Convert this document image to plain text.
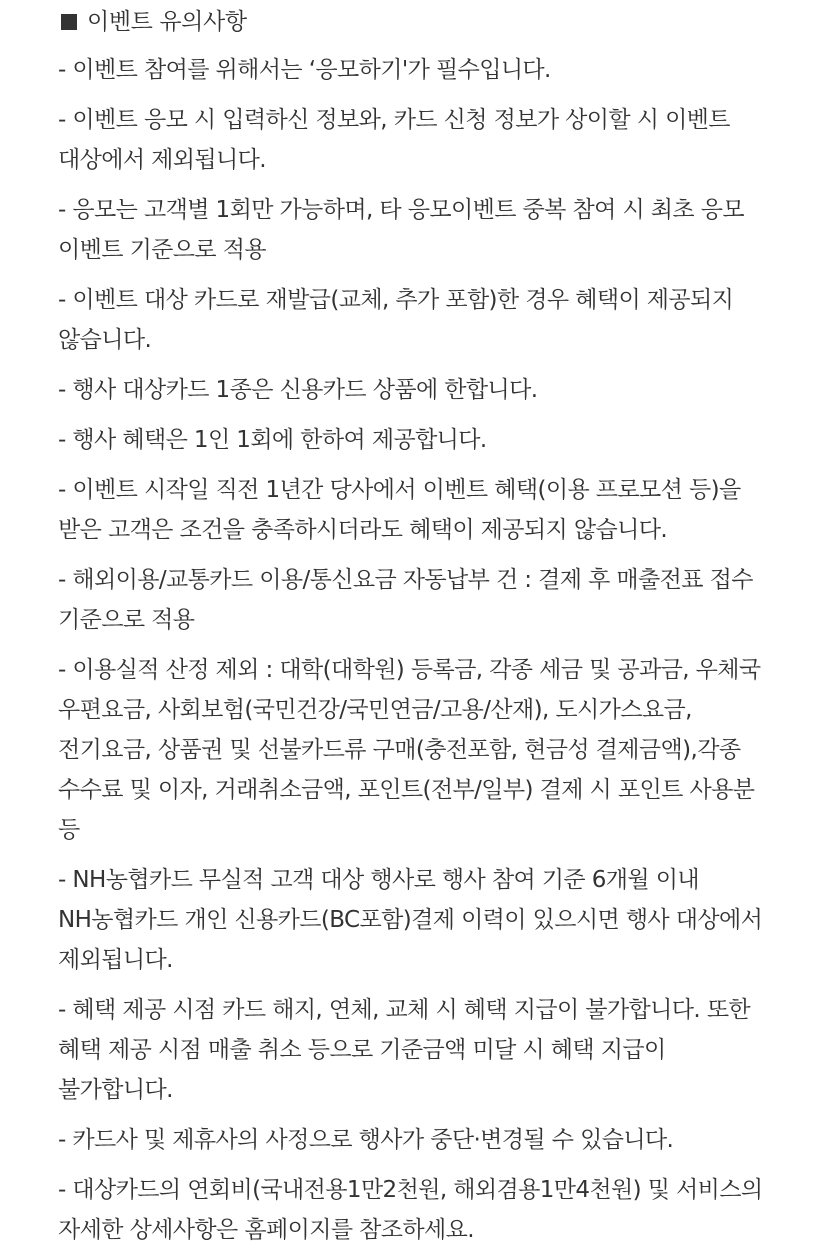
이벤트 유의사항

- 이벤트 참여를 위해서는 ‘응모하기'가 필수입니다.

- 이벤트 응모 시 입력하신 정보와, 카드 신청 정보가 상이할 시 이벤트 대상에서 제외됩니다.

- 응모는 고객별 1회만 가능하며, 타 응모이벤트 중복 참여 시 최초 응모 이벤트 기준으로 적용

- 이벤트 대상 카드로 재발급(교체, 추가 포함)한 경우 혜택이 제공되지 않습니다.

- 행사 대상카드 1종은 신용카드 상품에 한합니다.

- 행사 혜택은 1인 1회에 한하여 제공합니다.

- 이벤트 시작일 직전 1년간 당사에서 이벤트 혜택(이용 프로모션 등)을 받은 고객은 조건을 충족하시더라도 혜택이 제공되지 않습니다.

- 해외이용/교통카드 이용/통신요금 자동납부 건 : 결제 후 매출전표 접수 기준으로 적용

- 이용실적 산정 제외 : 대학(대학원) 등록금, 각종 세금 및 공과금, 우체국 우편요금, 사회보험(국민건강/국민연금/고용/산재), 도시가스요금, 전기요금, 상품권 및 선불카드류 구매(충전포함, 현금성 결제금액),각종 수수료 및 이자, 거래취소금액, 포인트(전부/일부) 결제 시 포인트 사용분 등

- NH농협카드 무실적 고객 대상 행사로 행사 참여 기준 6개월 이내 NH농협카드 개인 신용카드(BC포함)결제 이력이 있으시면 행사 대상에서 제외됩니다.

- 혜택 제공 시점 카드 해지, 연체, 교체 시 혜택 지급이 불가합니다. 또한 혜택 제공 시점 매출 취소 등으로 기준금액 미달 시 혜택 지급이 불가합니다.

- 카드사 및 제휴사의 사정으로 행사가 중단·변경될 수 있습니다.

- 대상카드의 연회비(국내전용1만2천원, 해외겸용1만4천원) 및 서비스의 자세한 상세사항은 홈페이지를 참조하세요.
